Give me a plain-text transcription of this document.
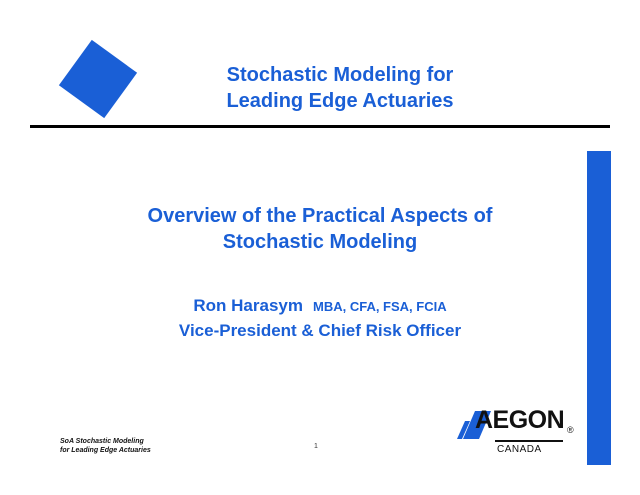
Stochastic Modeling for
Leading Edge Actuaries
Overview of the Practical Aspects of
Stochastic Modeling
Ron Harasym MBA, CFA, FSA, FCIA
Vice-President & Chief Risk Officer
SoA Stochastic Modeling
for Leading Edge Actuaries
1
AEGON ®
CANADA
